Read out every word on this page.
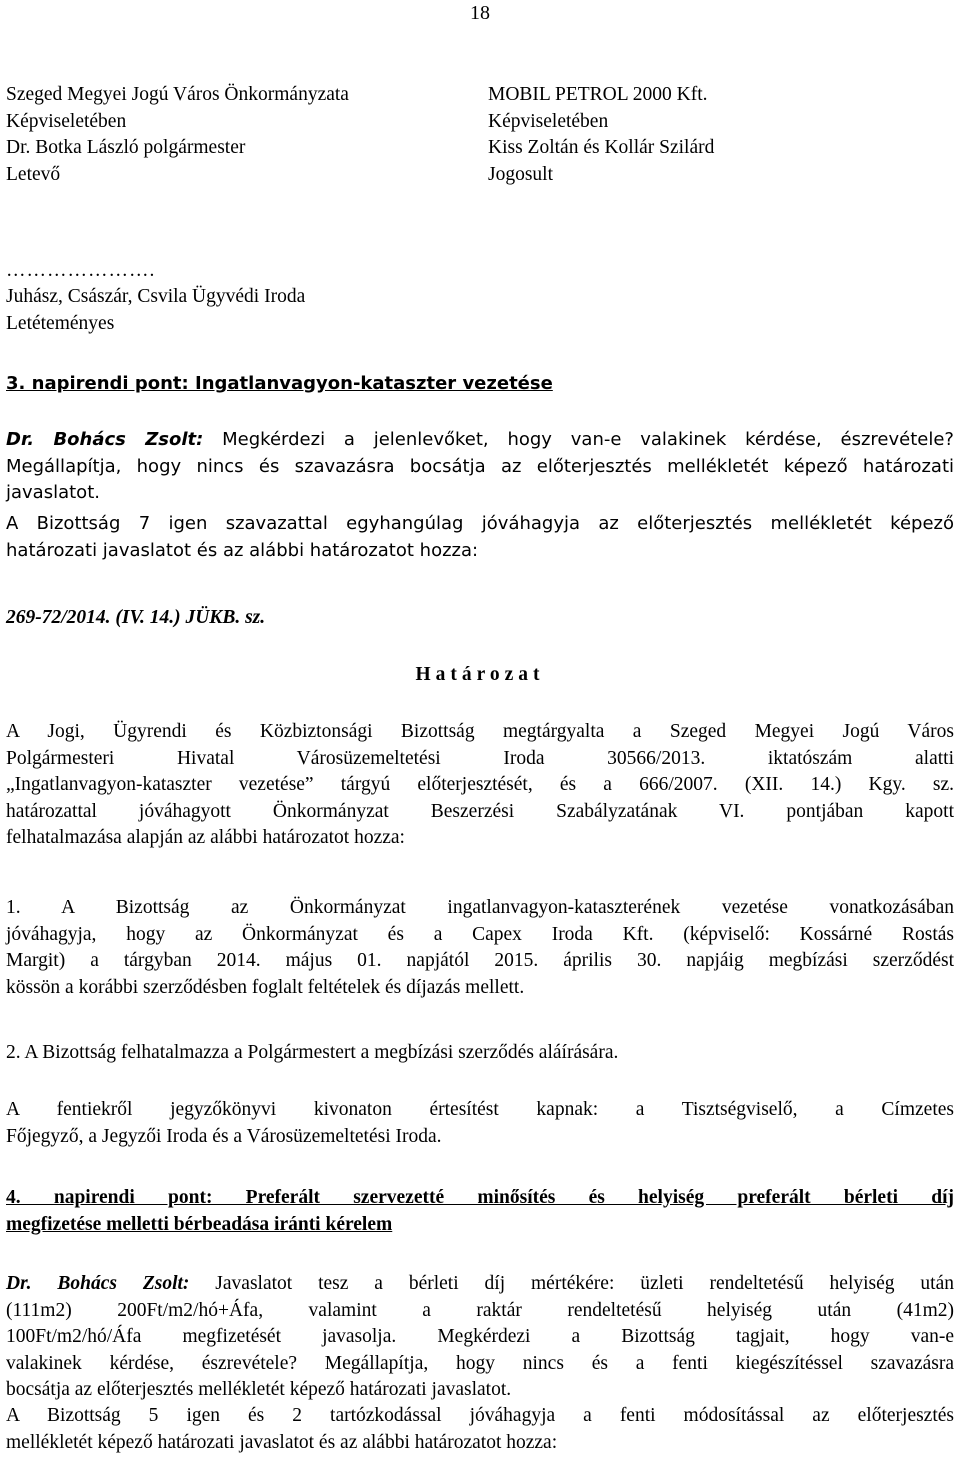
18
Szeged Megyei Jogú Város Önkormányzata
Képviseletében
Dr. Botka László polgármester
Letevő
MOBIL PETROL 2000 Kft.
Képviseletében
Kiss Zoltán és Kollár Szilárd
Jogosult
………………….
Juhász, Császár, Csvila Ügyvédi Iroda
Letéteményes
3. napirendi pont: Ingatlanvagyon-kataszter vezetése
Dr. Bohács Zsolt: Megkérdezi a jelenlevőket, hogy van-e valakinek kérdése, észrevétele?
Megállapítja, hogy nincs és szavazásra bocsátja az előterjesztés mellékletét képező határozati
javaslatot.
A Bizottság 7 igen szavazattal egyhangúlag jóváhagyja az előterjesztés mellékletét képező
határozati javaslatot és az alábbi határozatot hozza:
269-72/2014. (IV. 14.) JÜKB. sz.
Határozat
A Jogi, Ügyrendi és Közbiztonsági Bizottság megtárgyalta a Szeged Megyei Jogú Város
Polgármesteri Hivatal Városüzemeltetési Iroda 30566/2013. iktatószám alatti
„Ingatlanvagyon-kataszter vezetése” tárgyú előterjesztését, és a 666/2007. (XII. 14.) Kgy. sz.
határozattal jóváhagyott Önkormányzat Beszerzési Szabályzatának VI. pontjában kapott
felhatalmazása alapján az alábbi határozatot hozza:
1. A Bizottság az Önkormányzat ingatlanvagyon-kataszterének vezetése vonatkozásában
jóváhagyja, hogy az Önkormányzat és a Capex Iroda Kft. (képviselő: Kossárné Rostás
Margit) a tárgyban 2014. május 01. napjától 2015. április 30. napjáig megbízási szerződést
kössön a korábbi szerződésben foglalt feltételek és díjazás mellett.
2. A Bizottság felhatalmazza a Polgármestert a megbízási szerződés aláírására.
A fentiekről jegyzőkönyvi kivonaton értesítést kapnak: a Tisztségviselő, a Címzetes
Főjegyző, a Jegyzői Iroda és a Városüzemeltetési Iroda.
4. napirendi pont: Preferált szervezetté minősítés és helyiség preferált bérleti díj
megfizetése melletti bérbeadása iránti kérelem
Dr. Bohács Zsolt: Javaslatot tesz a bérleti díj mértékére: üzleti rendeltetésű helyiség után
(111m2) 200Ft/m2/hó+Áfa, valamint a raktár rendeltetésű helyiség után (41m2)
100Ft/m2/hó/Áfa megfizetését javasolja. Megkérdezi a Bizottság tagjait, hogy van-e
valakinek kérdése, észrevétele? Megállapítja, hogy nincs és a fenti kiegészítéssel szavazásra
bocsátja az előterjesztés mellékletét képező határozati javaslatot.
A Bizottság 5 igen és 2 tartózkodással jóváhagyja a fenti módosítással az előterjesztés
mellékletét képező határozati javaslatot és az alábbi határozatot hozza:
